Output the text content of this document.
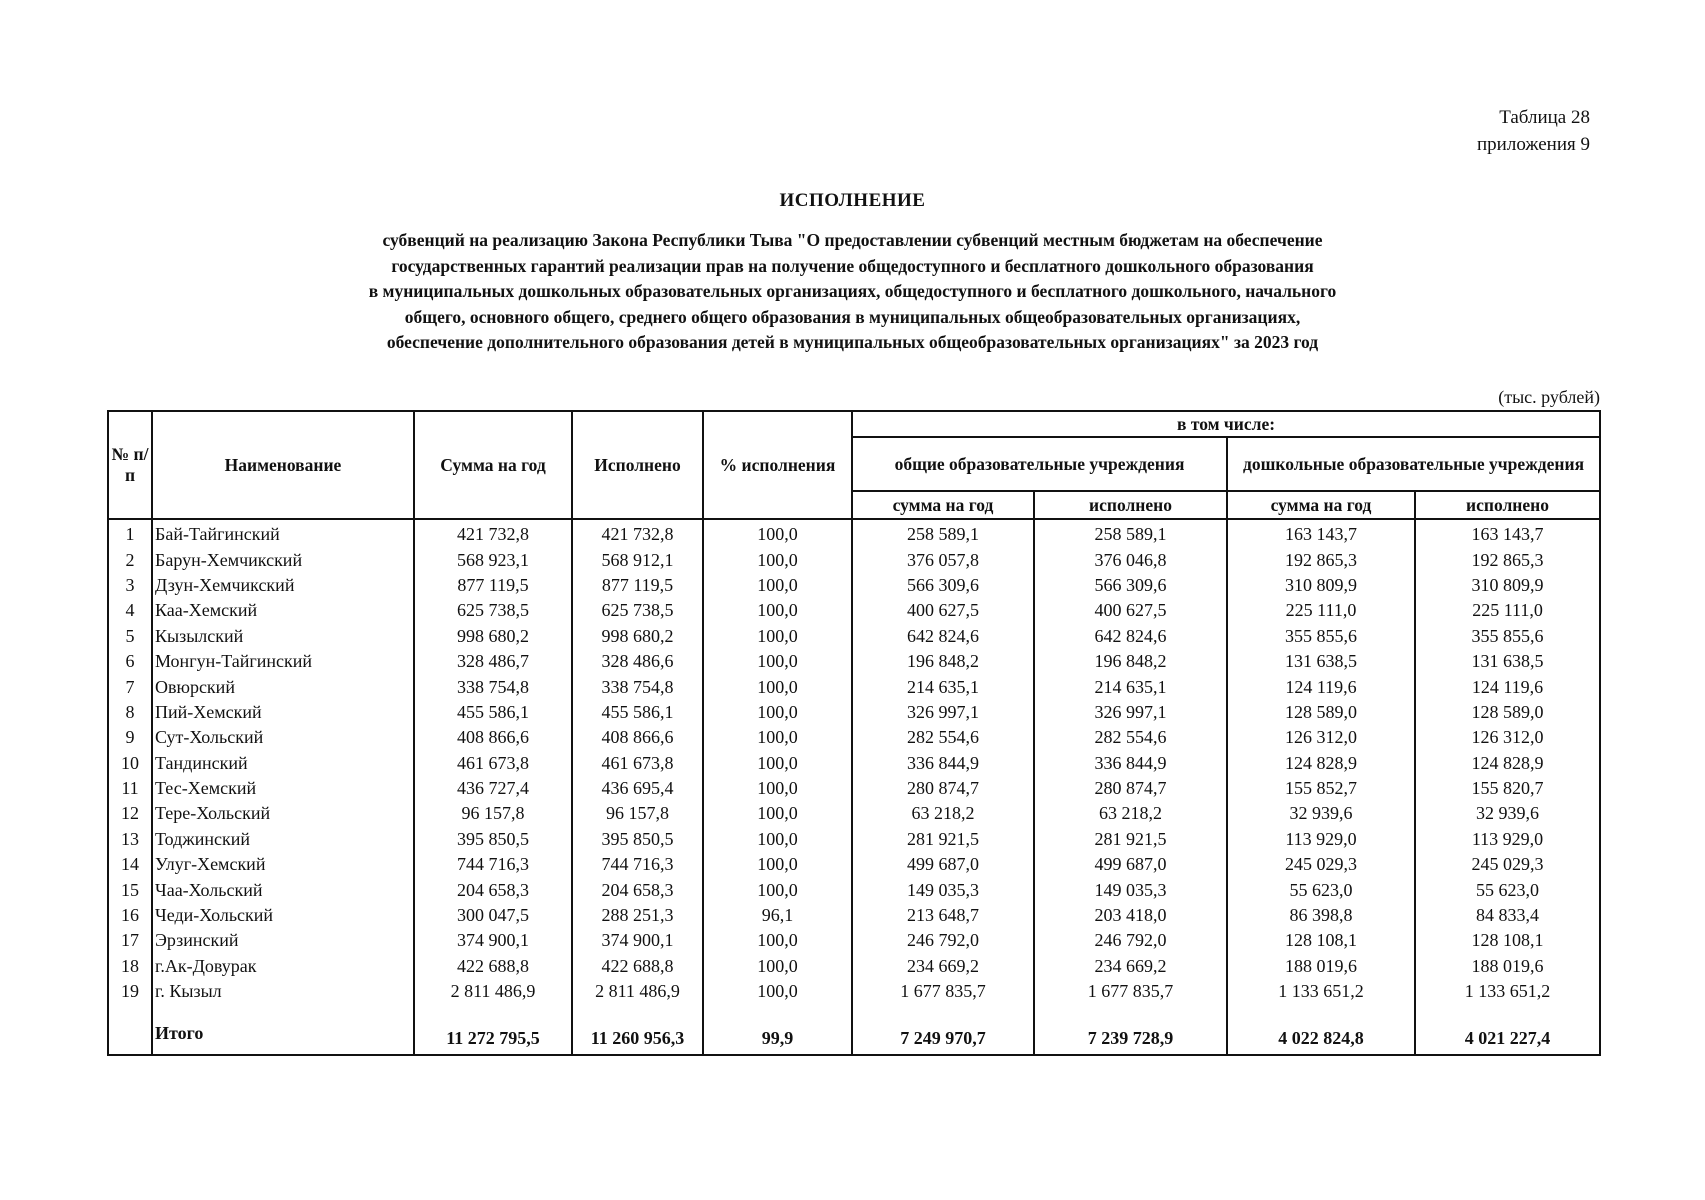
Таблица 28
приложения 9
ИСПОЛНЕНИЕ
субвенций на реализацию Закона Республики Тыва "О предоставлении субвенций местным бюджетам на обеспечение
государственных гарантий реализации прав на получение общедоступного и бесплатного дошкольного образования
в муниципальных дошкольных образовательных организациях, общедоступного и бесплатного дошкольного, начального
общего, основного общего, среднего общего образования в муниципальных общеобразовательных организациях,
обеспечение дополнительного образования детей в муниципальных общеобразовательных организациях" за 2023 год
(тыс. рублей)
№ п/п	Наименование	Сумма на год	Исполнено	% исполнения	в том числе:			
					общие образовательные учреждения		дошкольные образовательные учреждения	
					сумма на год	исполнено	сумма на год	исполнено
1	Бай-Тайгинский	421 732,8	421 732,8	100,0	258 589,1	258 589,1	163 143,7	163 143,7
2	Барун-Хемчикский	568 923,1	568 912,1	100,0	376 057,8	376 046,8	192 865,3	192 865,3
3	Дзун-Хемчикский	877 119,5	877 119,5	100,0	566 309,6	566 309,6	310 809,9	310 809,9
4	Каа-Хемский	625 738,5	625 738,5	100,0	400 627,5	400 627,5	225 111,0	225 111,0
5	Кызылский	998 680,2	998 680,2	100,0	642 824,6	642 824,6	355 855,6	355 855,6
6	Монгун-Тайгинский	328 486,7	328 486,6	100,0	196 848,2	196 848,2	131 638,5	131 638,5
7	Овюрский	338 754,8	338 754,8	100,0	214 635,1	214 635,1	124 119,6	124 119,6
8	Пий-Хемский	455 586,1	455 586,1	100,0	326 997,1	326 997,1	128 589,0	128 589,0
9	Сут-Хольский	408 866,6	408 866,6	100,0	282 554,6	282 554,6	126 312,0	126 312,0
10	Тандинский	461 673,8	461 673,8	100,0	336 844,9	336 844,9	124 828,9	124 828,9
11	Тес-Хемский	436 727,4	436 695,4	100,0	280 874,7	280 874,7	155 852,7	155 820,7
12	Тере-Хольский	96 157,8	96 157,8	100,0	63 218,2	63 218,2	32 939,6	32 939,6
13	Тоджинский	395 850,5	395 850,5	100,0	281 921,5	281 921,5	113 929,0	113 929,0
14	Улуг-Хемский	744 716,3	744 716,3	100,0	499 687,0	499 687,0	245 029,3	245 029,3
15	Чаа-Хольский	204 658,3	204 658,3	100,0	149 035,3	149 035,3	55 623,0	55 623,0
16	Чеди-Хольский	300 047,5	288 251,3	96,1	213 648,7	203 418,0	86 398,8	84 833,4
17	Эрзинский	374 900,1	374 900,1	100,0	246 792,0	246 792,0	128 108,1	128 108,1
18	г.Ак-Довурак	422 688,8	422 688,8	100,0	234 669,2	234 669,2	188 019,6	188 019,6
19	г. Кызыл	2 811 486,9	2 811 486,9	100,0	1 677 835,7	1 677 835,7	1 133 651,2	1 133 651,2

	Итого	11 272 795,5	11 260 956,3	99,9	7 249 970,7	7 239 728,9	4 022 824,8	4 021 227,4
